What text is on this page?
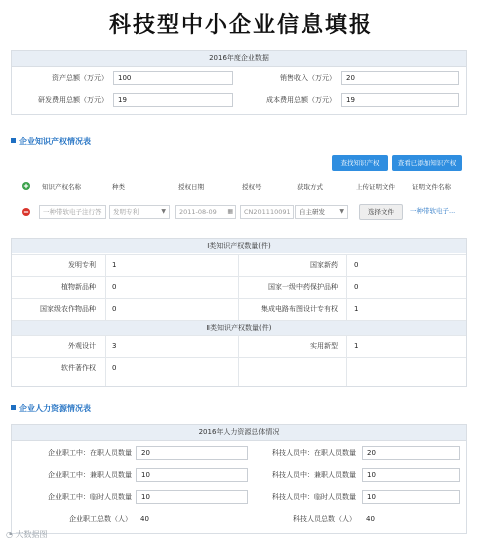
科技型中小企业信息填报
2016年度企业数据
资产总额（万元）	100	销售收入（万元）	20
研发费用总额（万元）	19	成本费用总额（万元）	19
企业知识产权情况表
查找知识产权	查看已添加知识产权
知识产权名称	种类	授权日期	授权号	获取方式	上传证明文件	证明文件名称
一种带软电子注行答	发明专利	▼	2011-08-09 ▦	CN201110091	自主研发 ▼	选择文件	一种带软电子...
Ⅰ类知识产权数量(件)
发明专利 1	国家新药 0
植物新品种 0	国家一级中药保护品种 0
国家级农作物品种 0	集成电路布图设计专有权 1
Ⅱ类知识产权数量(件)
外观设计 3	实用新型 1
软件著作权 0
企业人力资源情况表
2016年人力资源总体情况
企业职工中：在职人员数量	20	科技人员中：在职人员数量	20
企业职工中：兼职人员数量	10	科技人员中：兼职人员数量	10
企业职工中：临时人员数量	10	科技人员中：临时人员数量	10
企业职工总数（人） 40	科技人员总数（人） 40
◔ 大数据图
